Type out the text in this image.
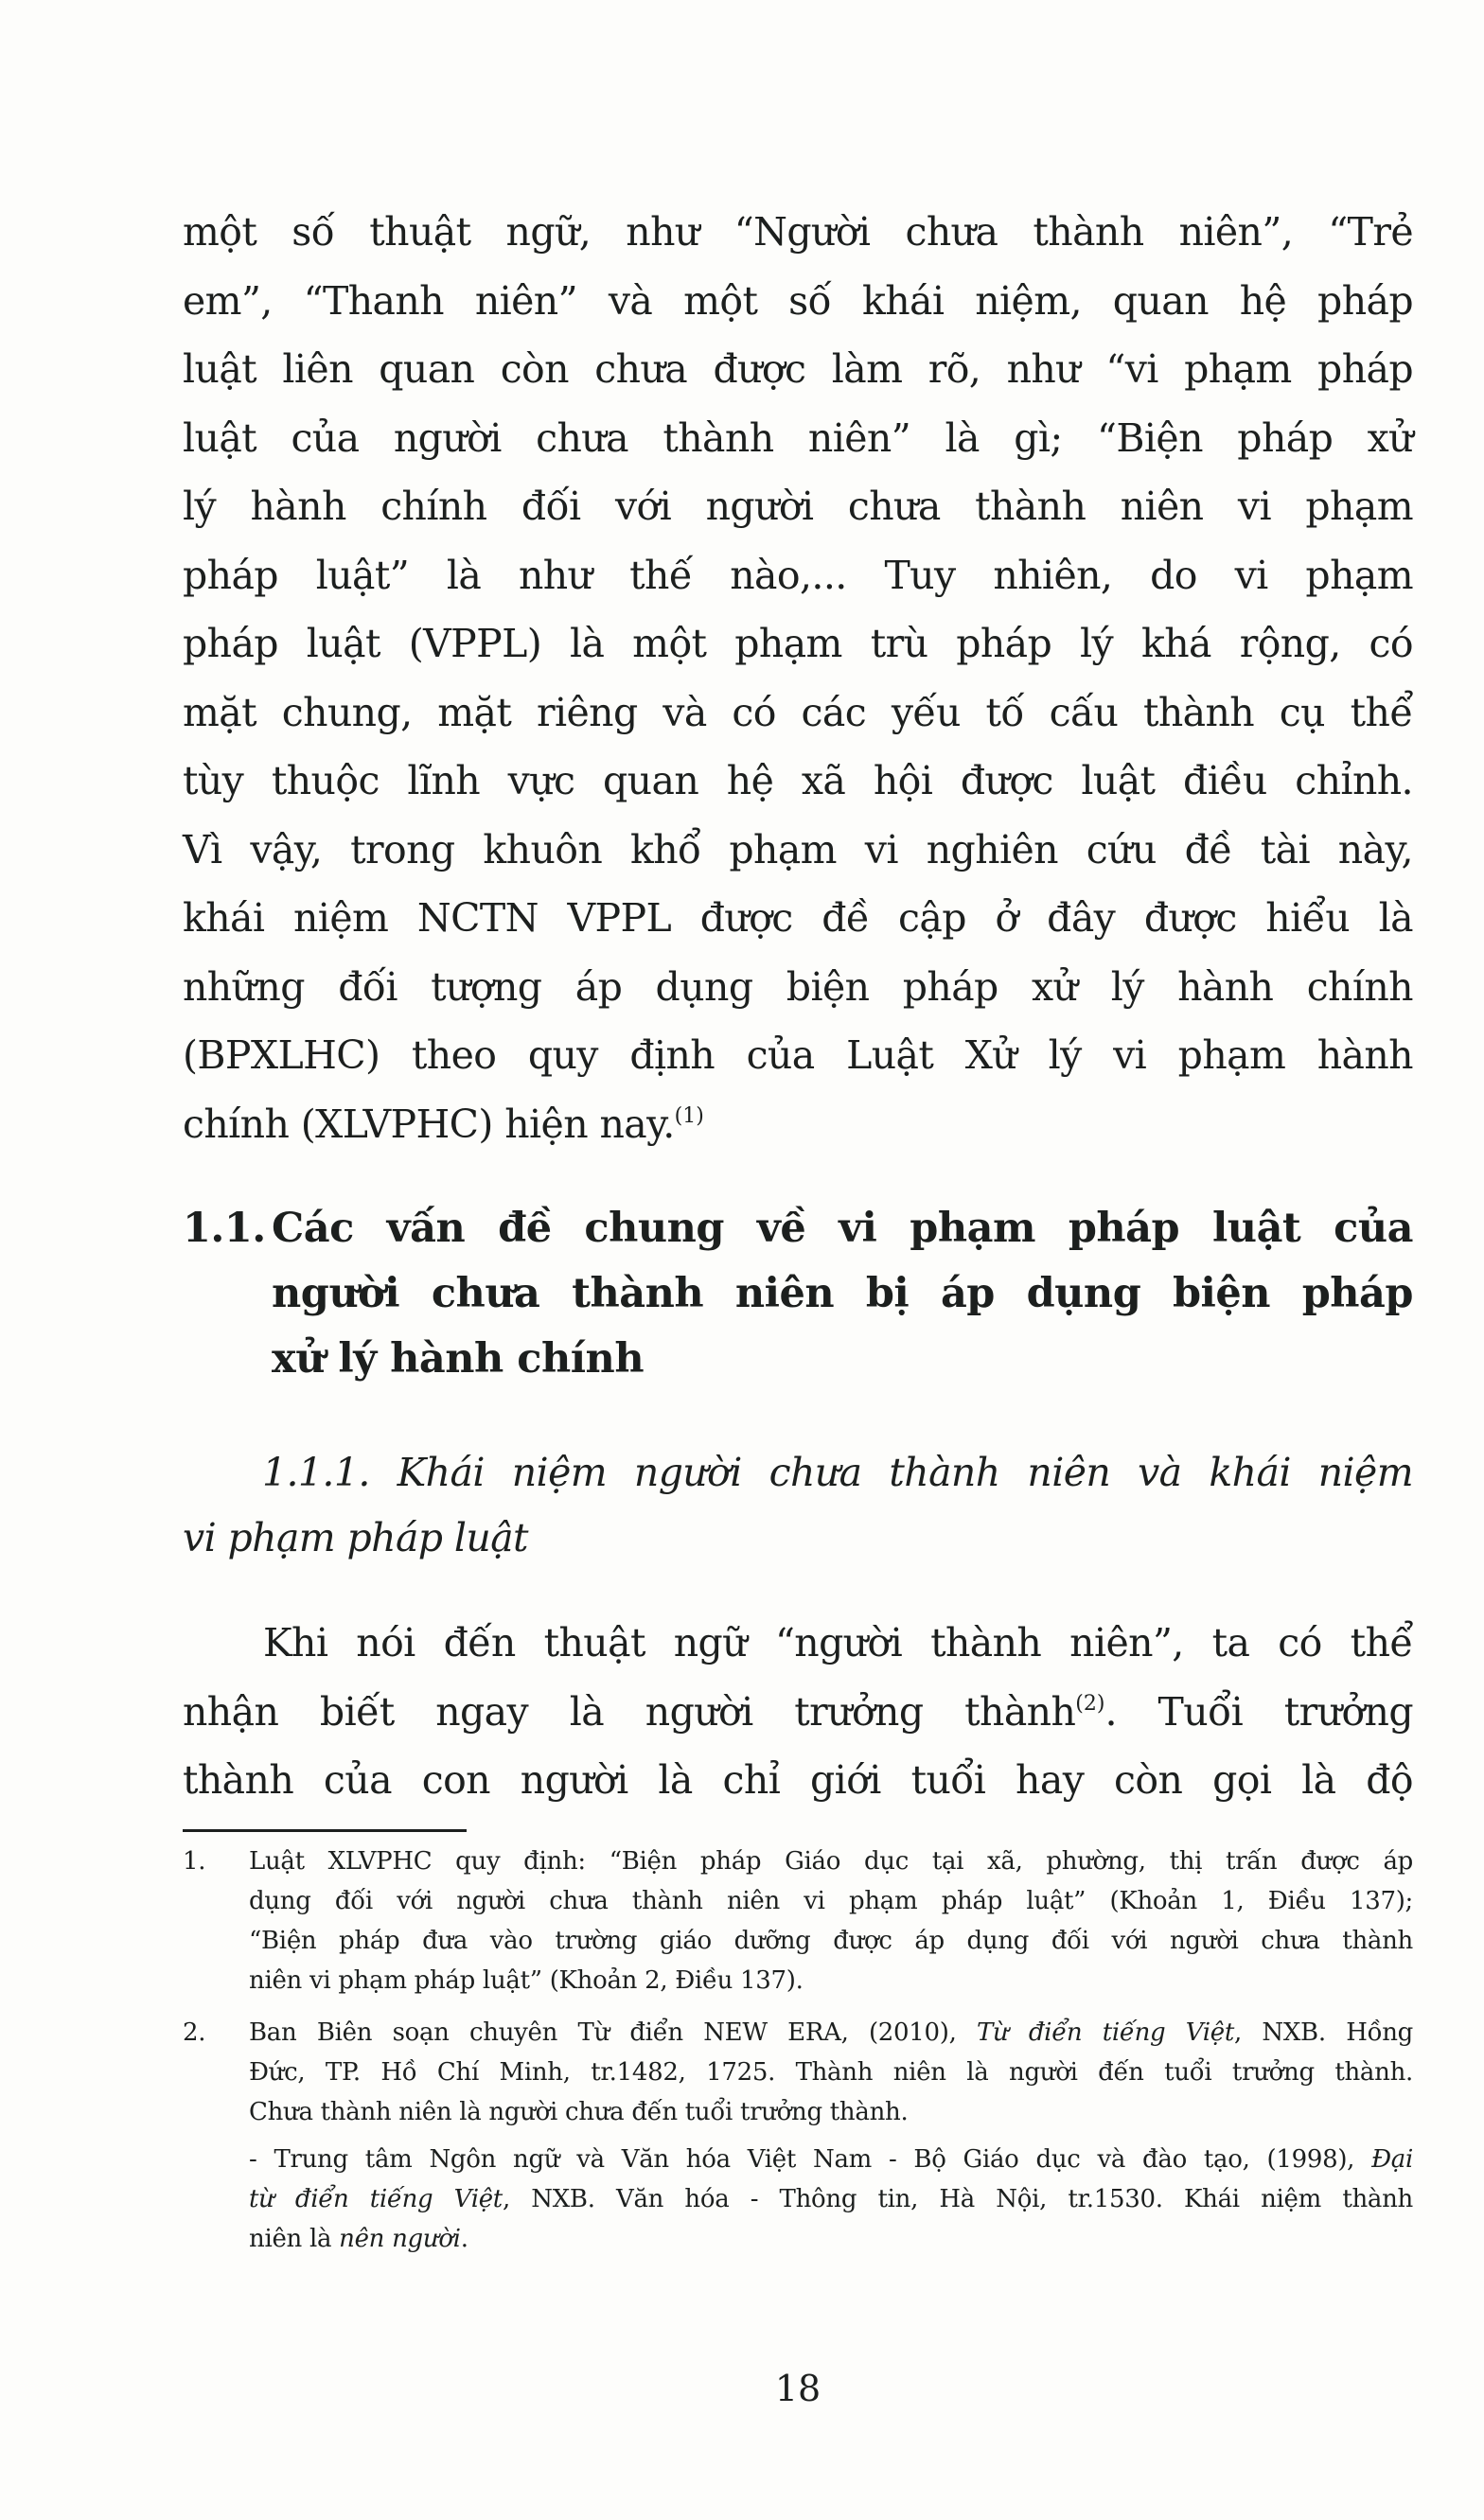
một số thuật ngữ, như “Người chưa thành niên”, “Trẻ
em”, “Thanh niên” và một số khái niệm, quan hệ pháp
luật liên quan còn chưa được làm rõ, như “vi phạm pháp
luật của người chưa thành niên” là gì; “Biện pháp xử
lý hành chính đối với người chưa thành niên vi phạm
pháp luật” là như thế nào,... Tuy nhiên, do vi phạm
pháp luật (VPPL) là một phạm trù pháp lý khá rộng, có
mặt chung, mặt riêng và có các yếu tố cấu thành cụ thể
tùy thuộc lĩnh vực quan hệ xã hội được luật điều chỉnh.
Vì vậy, trong khuôn khổ phạm vi nghiên cứu đề tài này,
khái niệm NCTN VPPL được đề cập ở đây được hiểu là
những đối tượng áp dụng biện pháp xử lý hành chính
(BPXLHC) theo quy định của Luật Xử lý vi phạm hành
chính (XLVPHC) hiện nay.$^{(1)}$
1.1. Các vấn đề chung về vi phạm pháp luật của
người chưa thành niên bị áp dụng biện pháp
xử lý hành chính
1.1.1. Khái niệm người chưa thành niên và khái niệm
vi phạm pháp luật
Khi nói đến thuật ngữ “người thành niên”, ta có thể
nhận biết ngay là người trưởng thành$^{(2)}$. Tuổi trưởng
thành của con người là chỉ giới tuổi hay còn gọi là độ
1. Luật XLVPHC quy định: “Biện pháp Giáo dục tại xã, phường, thị trấn được áp
dụng đối với người chưa thành niên vi phạm pháp luật” (Khoản 1, Điều 137);
“Biện pháp đưa vào trường giáo dưỡng được áp dụng đối với người chưa thành
niên vi phạm pháp luật” (Khoản 2, Điều 137).
2. Ban Biên soạn chuyên Từ điển NEW ERA, (2010), Từ điển tiếng Việt, NXB. Hồng
Đức, TP. Hồ Chí Minh, tr.1482, 1725. Thành niên là người đến tuổi trưởng thành.
Chưa thành niên là người chưa đến tuổi trưởng thành.
- Trung tâm Ngôn ngữ và Văn hóa Việt Nam - Bộ Giáo dục và đào tạo, (1998), Đại
từ điển tiếng Việt, NXB. Văn hóa - Thông tin, Hà Nội, tr.1530. Khái niệm thành
niên là nên người.
18
